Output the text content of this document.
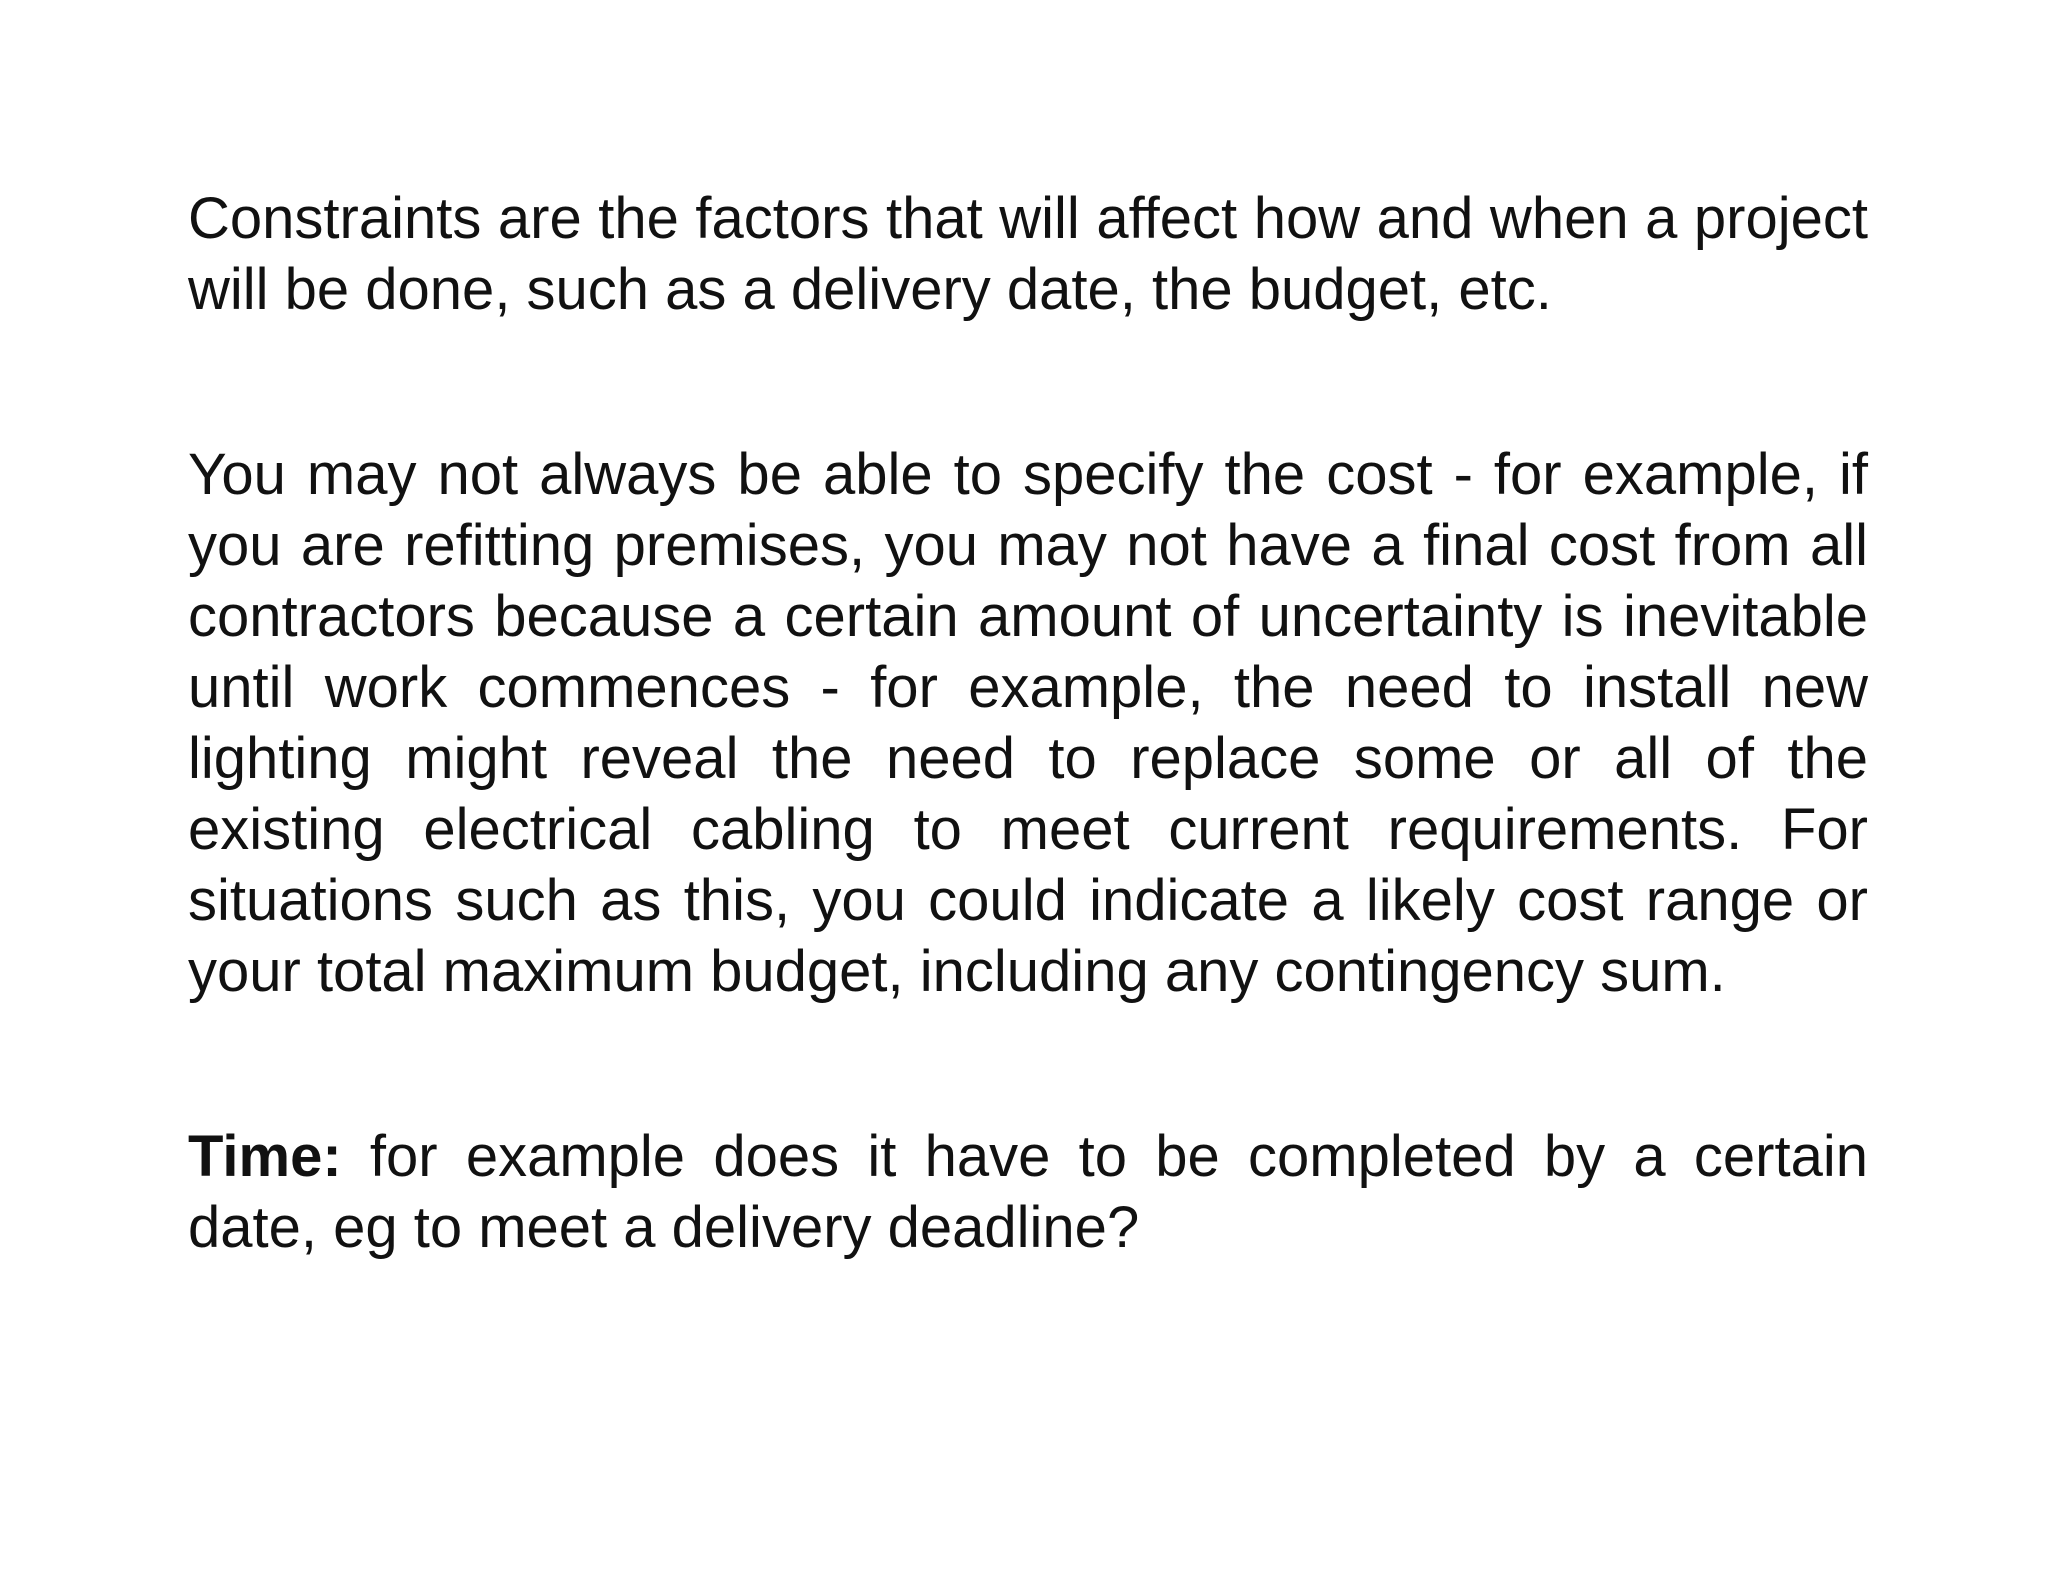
Constraints are the factors that will affect how and when a project will be done, such as a delivery date, the budget, etc.

You may not always be able to specify the cost - for example, if you are refitting premises, you may not have a final cost from all contractors because a certain amount of uncertainty is inevitable until work commences - for example, the need to install new lighting might reveal the need to replace some or all of the existing electrical cabling to meet current requirements. For situations such as this, you could indicate a likely cost range or your total maximum budget, including any contingency sum.

Time: for example does it have to be completed by a certain date, eg to meet a delivery deadline?
